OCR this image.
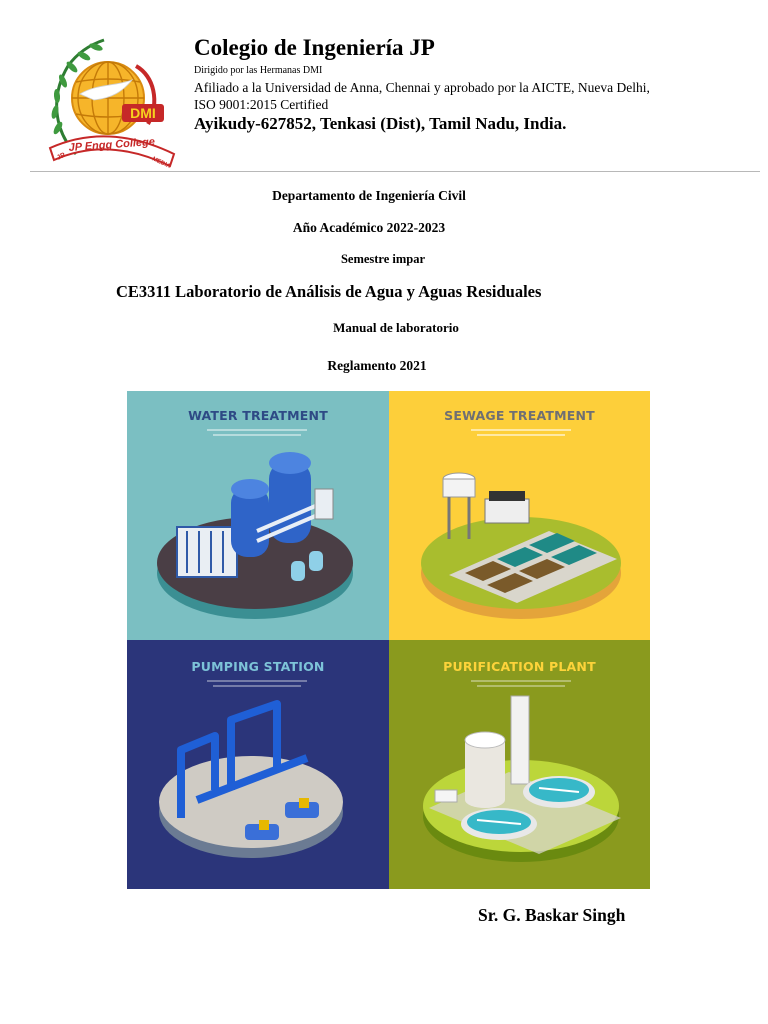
DMI
JP Engg College
JP	MEDIA
Colegio de Ingeniería JP
Dirigido por las Hermanas DMI
Afiliado a la Universidad de Anna, Chennai y aprobado por la AICTE, Nueva Delhi,
ISO 9001:2015 Certified
Ayikudy-627852, Tenkasi (Dist), Tamil Nadu, India.
Departamento de Ingeniería Civil
Año Académico 2022-2023
Semestre impar
CE3311 Laboratorio de Análisis de Agua y Aguas Residuales
Manual de laboratorio
Reglamento 2021
WATER TREATMENT	SEWAGE TREATMENT
PUMPING STATION	PURIFICATION PLANT
Sr. G. Baskar Singh
